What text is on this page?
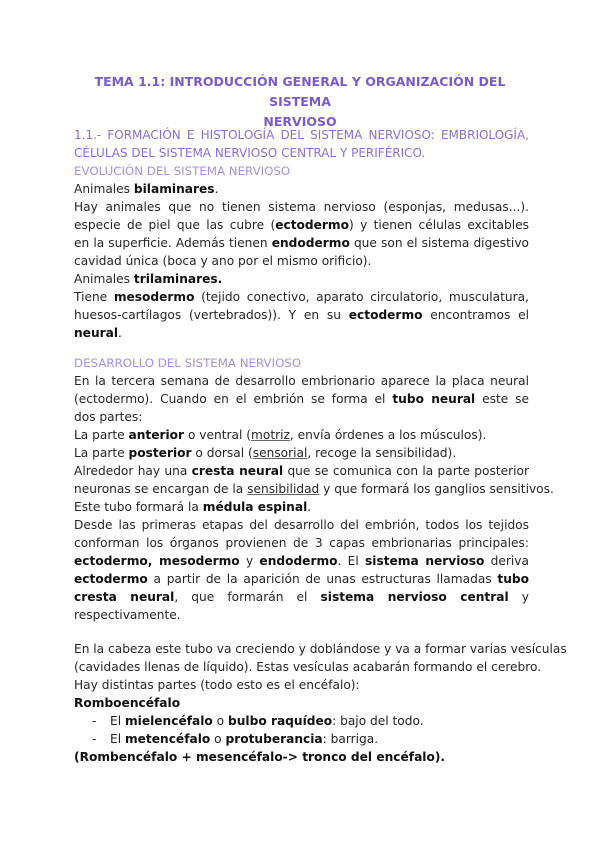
TEMA 1.1: INTRODUCCIÓN GENERAL Y ORGANIZACIÓN DEL SISTEMA
NERVIOSO
1.1.- FORMACIÓN E HISTOLOGÍA DEL SISTEMA NERVIOSO: EMBRIOLOGÍA,
CÉLULAS DEL SISTEMA NERVIOSO CENTRAL Y PERIFÉRICO.
EVOLUCIÓN DEL SISTEMA NERVIOSO
Animales bilaminares.
Hay animales que no tienen sistema nervioso (esponjas, medusas...).
especie de piel que las cubre (ectodermo) y tienen células excitables
en la superficie. Además tienen endodermo que son el sistema digestivo
cavidad única (boca y ano por el mismo orificio).
Animales trilaminares.
Tiene mesodermo (tejido conectivo, aparato circulatorio, musculatura,
huesos-cartílagos (vertebrados)). Y en su ectodermo encontramos el
neural.
DESARROLLO DEL SISTEMA NERVIOSO
En la tercera semana de desarrollo embrionario aparece la placa neural
(ectodermo). Cuando en el embrión se forma el tubo neural este se
dos partes:
La parte anterior o ventral (motriz, envía órdenes a los músculos).
La parte posterior o dorsal (sensorial, recoge la sensibilidad).
Alrededor hay una cresta neural que se comunica con la parte posterior
neuronas se encargan de la sensibilidad y que formará los ganglios sensitivos.
Este tubo formará la médula espinal.
Desde las primeras etapas del desarrollo del embrión, todos los tejidos
conforman los órganos provienen de 3 capas embrionarias principales:
ectodermo, mesodermo y endodermo. El sistema nervioso deriva
ectodermo a partir de la aparición de unas estructuras llamadas tubo
cresta neural, que formarán el sistema nervioso central y
respectivamente.
En la cabeza este tubo va creciendo y doblándose y va a formar varias vesículas
(cavidades llenas de líquido). Estas vesículas acabarán formando el cerebro.
Hay distintas partes (todo esto es el encéfalo):
Romboencéfalo
- El mielencéfalo o bulbo raquídeo: bajo del todo.
- El metencéfalo o protuberancia: barriga.
(Rombencéfalo + mesencéfalo-> tronco del encéfalo).
